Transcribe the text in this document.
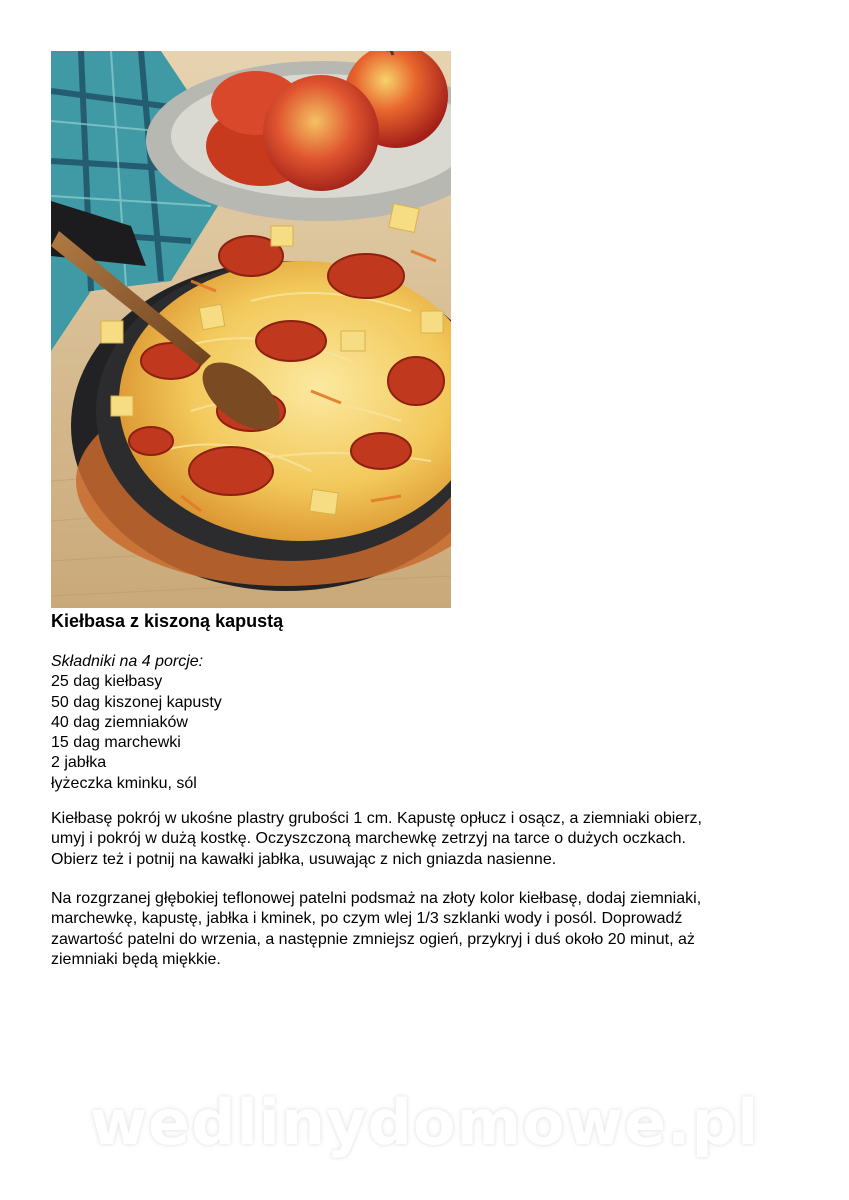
Kiełbasa z kiszoną kapustą
Składniki na 4 porcje:
25 dag kiełbasy
50 dag kiszonej kapusty
40 dag ziemniaków
15 dag marchewki
2 jabłka
łyżeczka kminku, sól

Kiełbasę pokrój w ukośne plastry grubości 1 cm. Kapustę opłucz i osącz, a ziemniaki obierz,
umyj i pokrój w dużą kostkę. Oczyszczoną marchewkę zetrzyj na tarce o dużych oczkach.
Obierz też i potnij na kawałki jabłka, usuwając z nich gniazda nasienne.

Na rozgrzanej głębokiej teflonowej patelni podsmaż na złoty kolor kiełbasę, dodaj ziemniaki,
marchewkę, kapustę, jabłka i kminek, po czym wlej 1/3 szklanki wody i posól. Doprowadź
zawartość patelni do wrzenia, a następnie zmniejsz ogień, przykryj i duś około 20 minut, aż
ziemniaki będą miękkie.

wedlinydomowe.pl
